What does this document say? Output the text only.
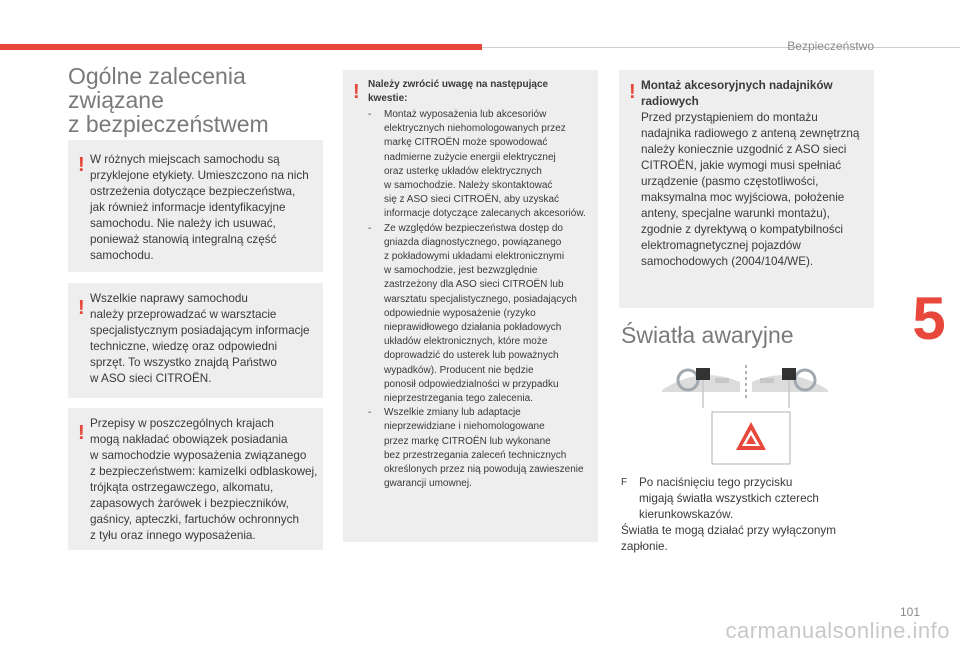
Bezpieczeństwo
5
Ogólne zalecenia związane
z bezpieczeństwem
! W różnych miejscach samochodu są
przyklejone etykiety. Umieszczono na nich
ostrzeżenia dotyczące bezpieczeństwa,
jak również informacje identyfikacyjne
samochodu. Nie należy ich usuwać,
ponieważ stanowią integralną część
samochodu.
! Wszelkie naprawy samochodu
należy przeprowadzać w warsztacie
specjalistycznym posiadającym informacje
techniczne, wiedzę oraz odpowiedni
sprzęt. To wszystko znajdą Państwo
w ASO sieci CITROËN.
! Przepisy w poszczególnych krajach
mogą nakładać obowiązek posiadania
w samochodzie wyposażenia związanego
z bezpieczeństwem: kamizelki odblaskowej,
trójkąta ostrzegawczego, alkomatu,
zapasowych żarówek i bezpieczników,
gaśnicy, apteczki, fartuchów ochronnych
z tyłu oraz innego wyposażenia.
! Należy zwrócić uwagę na następujące
kwestie:
-	Montaż wyposażenia lub akcesoriów
elektrycznych niehomologowanych przez
markę CITROËN może spowodować
nadmierne zużycie energii elektrycznej
oraz usterkę układów elektrycznych
w samochodzie. Należy skontaktować
się z ASO sieci CITROËN, aby uzyskać
informacje dotyczące zalecanych akcesoriów.
-	Ze względów bezpieczeństwa dostęp do
gniazda diagnostycznego, powiązanego
z pokładowymi układami elektronicznymi
w samochodzie, jest bezwzględnie
zastrzeżony dla ASO sieci CITROËN lub
warsztatu specjalistycznego, posiadających
odpowiednie wyposażenie (ryzyko
nieprawidłowego działania pokładowych
układów elektronicznych, które może
doprowadzić do usterek lub poważnych
wypadków). Producent nie będzie
ponosił odpowiedzialności w przypadku
nieprzestrzegania tego zalecenia.
-	Wszelkie zmiany lub adaptacje
nieprzewidziane i niehomologowane
przez markę CITROËN lub wykonane
bez przestrzegania zaleceń technicznych
określonych przez nią powodują zawieszenie
gwarancji umownej.
! Montaż akcesoryjnych nadajników
radiowych
Przed przystąpieniem do montażu
nadajnika radiowego z anteną zewnętrzną
należy koniecznie uzgodnić z ASO sieci
CITROËN, jakie wymogi musi spełniać
urządzenie (pasmo częstotliwości,
maksymalna moc wyjściowa, położenie
anteny, specjalne warunki montażu),
zgodnie z dyrektywą o kompatybilności
elektromagnetycznej pojazdów
samochodowych (2004/104/WE).
Światła awaryjne
F Po naciśnięciu tego przycisku
migają światła wszystkich czterech
kierunkowskazów.
Światła te mogą działać przy wyłączonym
zapłonie.
101
carmanualsonline.info
